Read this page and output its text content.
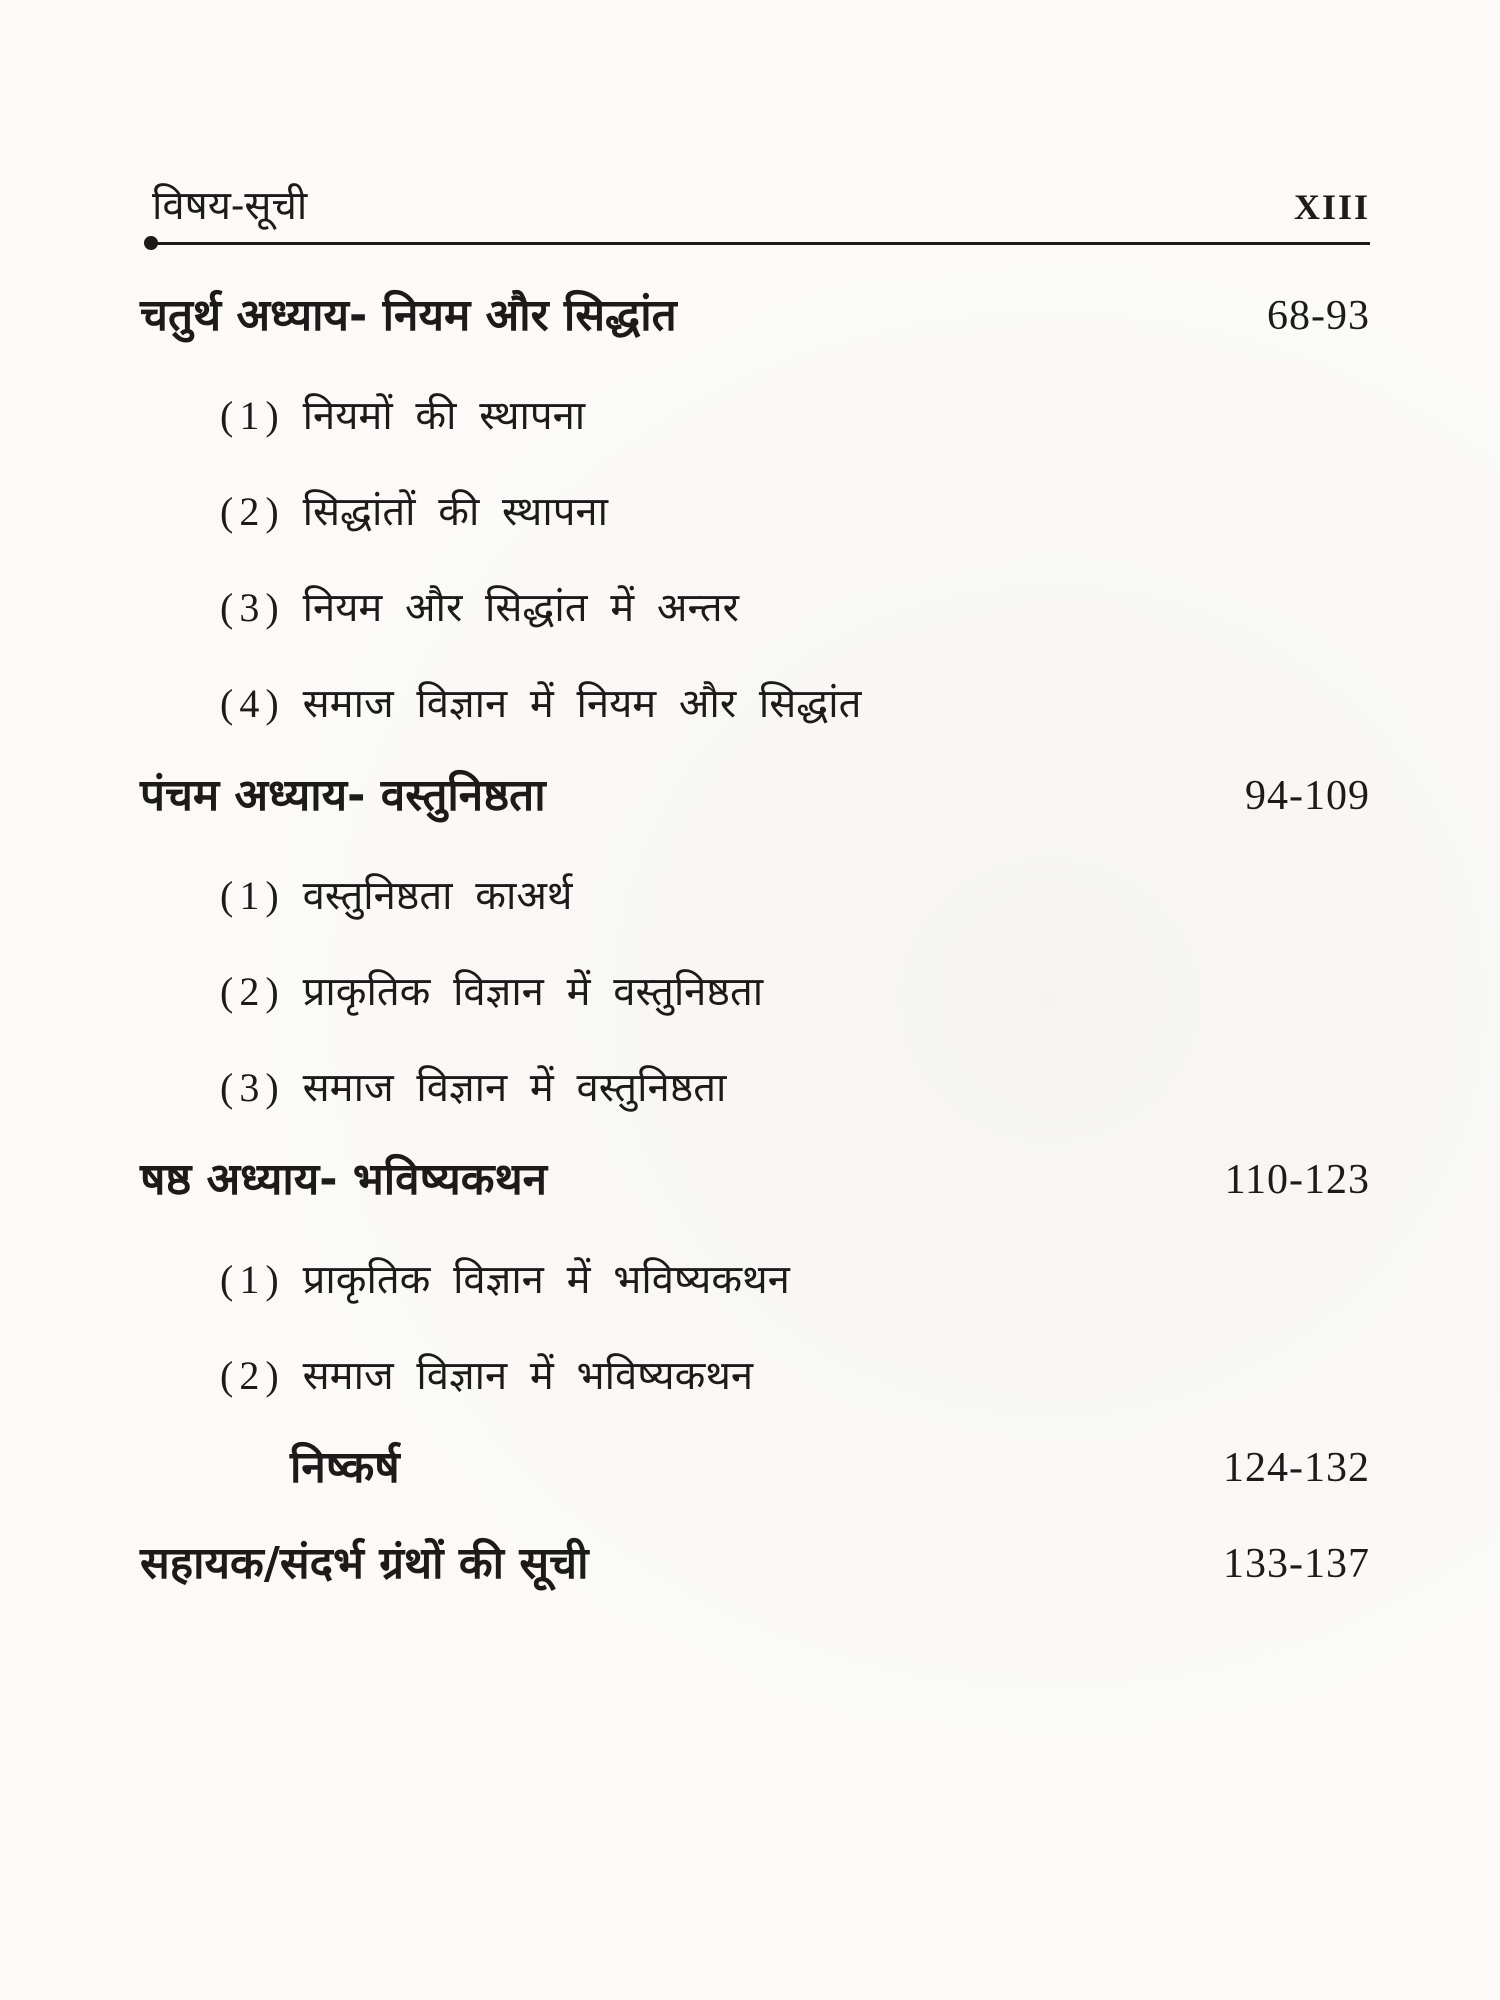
विषय-सूची	XIII
चतुर्थ अध्याय- नियम और सिद्धांत	68-93
(1) नियमों की स्थापना
(2) सिद्धांतों की स्थापना
(3) नियम और सिद्धांत में अन्तर
(4) समाज विज्ञान में नियम और सिद्धांत
पंचम अध्याय- वस्तुनिष्ठता	94-109
(1) वस्तुनिष्ठता काअर्थ
(2) प्राकृतिक विज्ञान में वस्तुनिष्ठता
(3) समाज विज्ञान में वस्तुनिष्ठता
षष्ठ अध्याय- भविष्यकथन	110-123
(1) प्राकृतिक विज्ञान में भविष्यकथन
(2) समाज विज्ञान में भविष्यकथन
निष्कर्ष	124-132
सहायक/संदर्भ ग्रंथों की सूची	133-137
